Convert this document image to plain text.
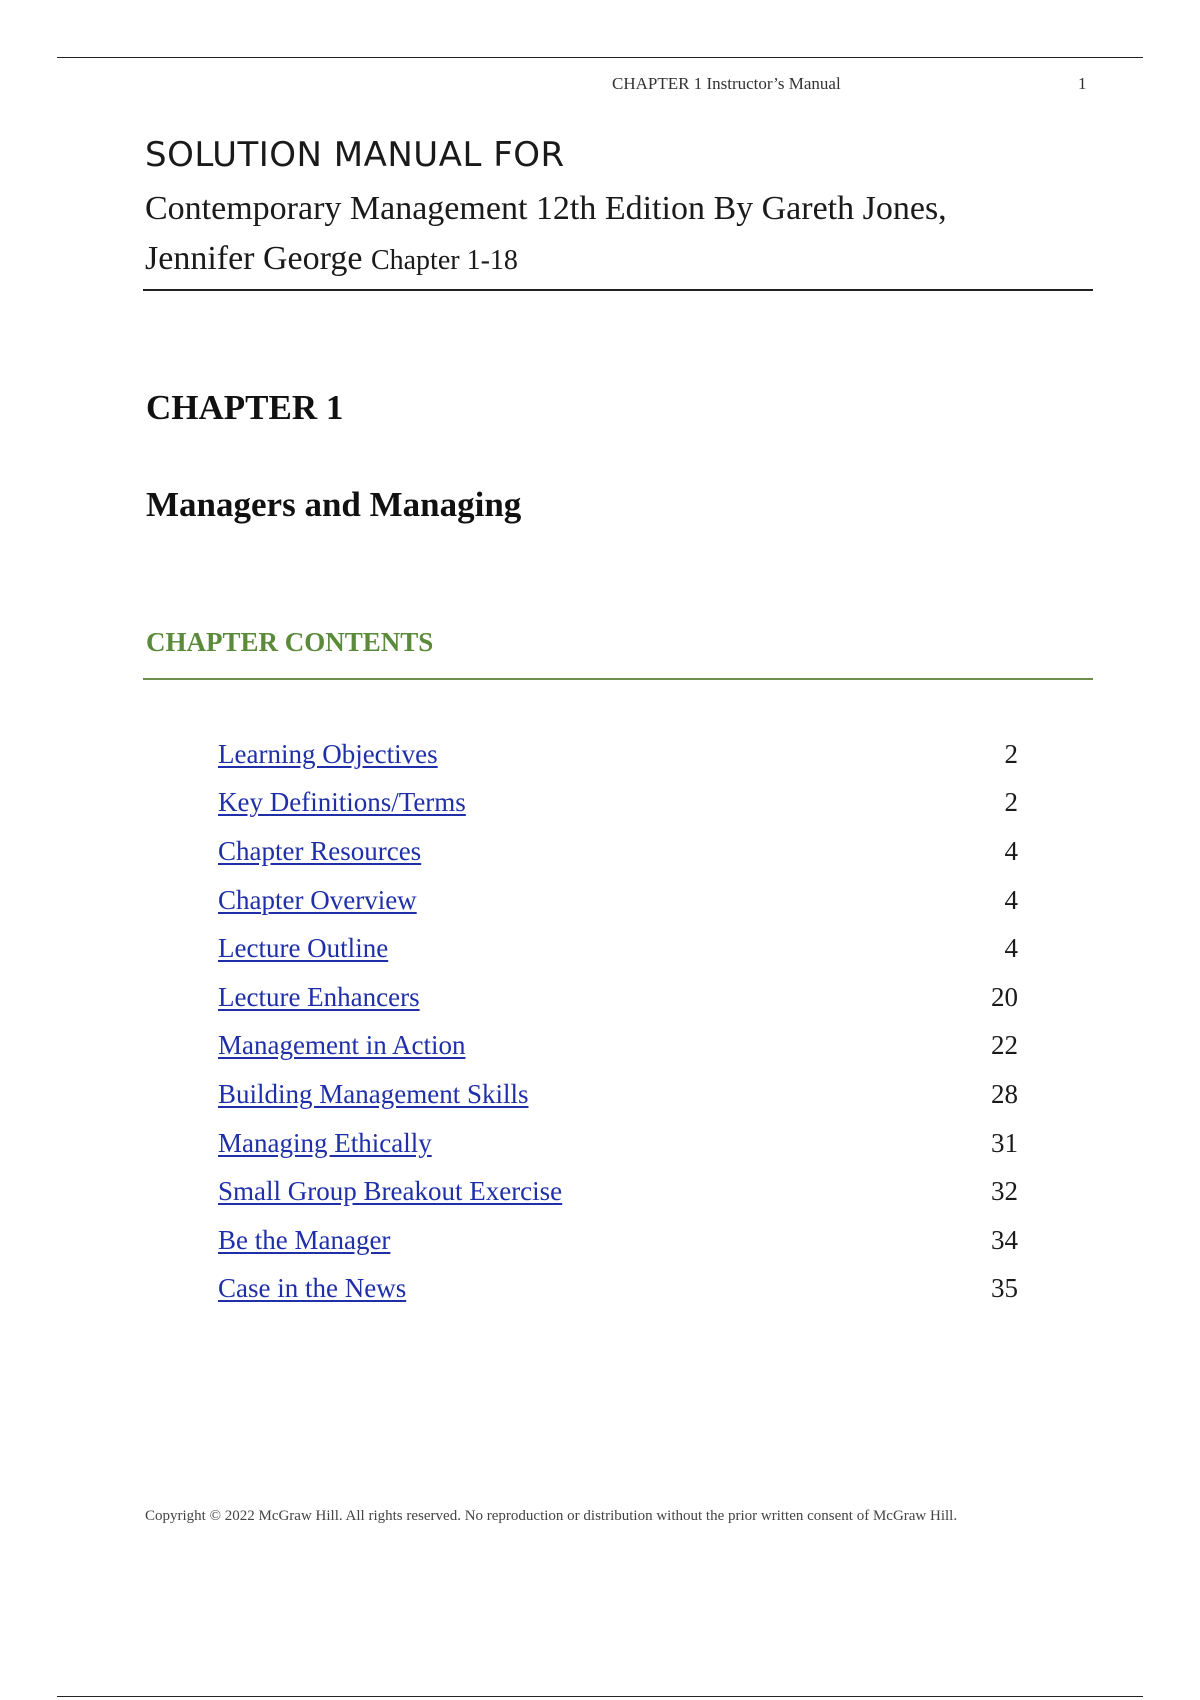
CHAPTER 1 Instructor’s Manual	1
SOLUTION MANUAL FOR
Contemporary Management 12th Edition By Gareth Jones,
Jennifer George Chapter 1-18
CHAPTER 1
Managers and Managing
CHAPTER CONTENTS
Learning Objectives	2
Key Definitions/Terms	2
Chapter Resources	4
Chapter Overview	4
Lecture Outline	4
Lecture Enhancers	20
Management in Action	22
Building Management Skills	28
Managing Ethically	31
Small Group Breakout Exercise	32
Be the Manager	34
Case in the News	35
Copyright © 2022 McGraw Hill. All rights reserved. No reproduction or distribution without the prior written consent of McGraw Hill.
